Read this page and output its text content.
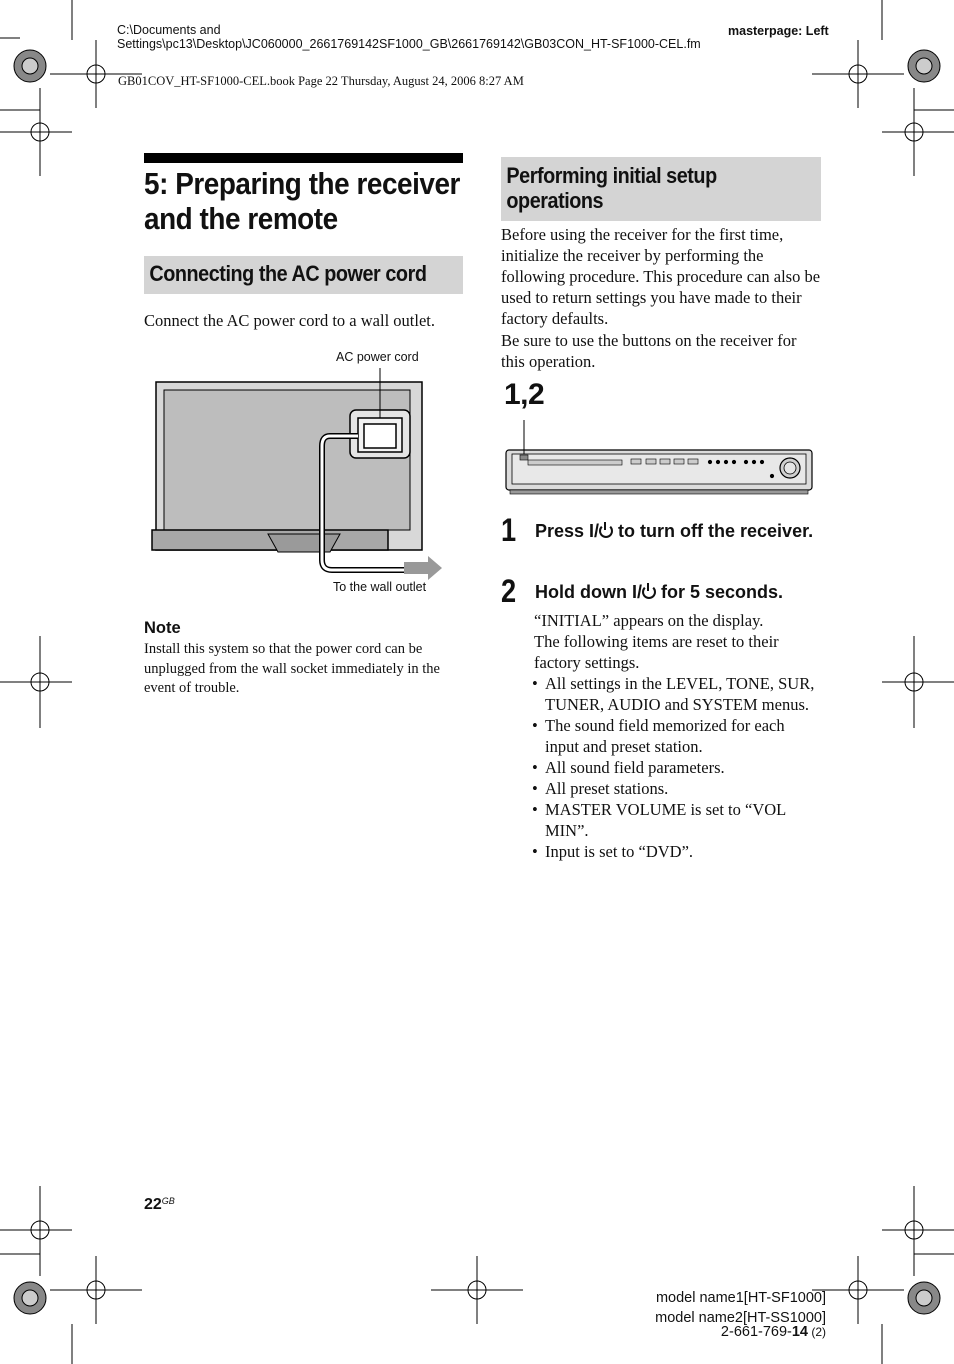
C:\Documents and Settings\pc13\Desktop\JC060000_2661769142SF1000_GB\2661769142\GB03CON_HT-SF1000-CEL.fm
masterpage: Left
GB01COV_HT-SF1000-CEL.book Page 22 Thursday, August 24, 2006 8:27 AM
5: Preparing the receiver and the remote
Connecting the AC power cord
Connect the AC power cord to a wall outlet.
AC power cord
To the wall outlet
Note
Install this system so that the power cord can be unplugged from the wall socket immediately in the event of trouble.
Performing initial setup operations
Before using the receiver for the first time, initialize the receiver by performing the following procedure. This procedure can also be used to return settings you have made to their factory defaults.
Be sure to use the buttons on the receiver for this operation.
1,2
1 Press I/
to turn off the receiver.
2 Hold down I/
for 5 seconds.
“INITIAL” appears on the display.
The following items are reset to their factory settings.
• All settings in the LEVEL, TONE, SUR, TUNER, AUDIO and SYSTEM menus.
• The sound field memorized for each input and preset station.
• All sound field parameters.
• All preset stations.
• MASTER VOLUME is set to “VOL MIN”.
• Input is set to “DVD”.
$22^{GB}$
model name1[HT-SF1000]
model name2[HT-SS1000]
2-661-769-14 (2)
